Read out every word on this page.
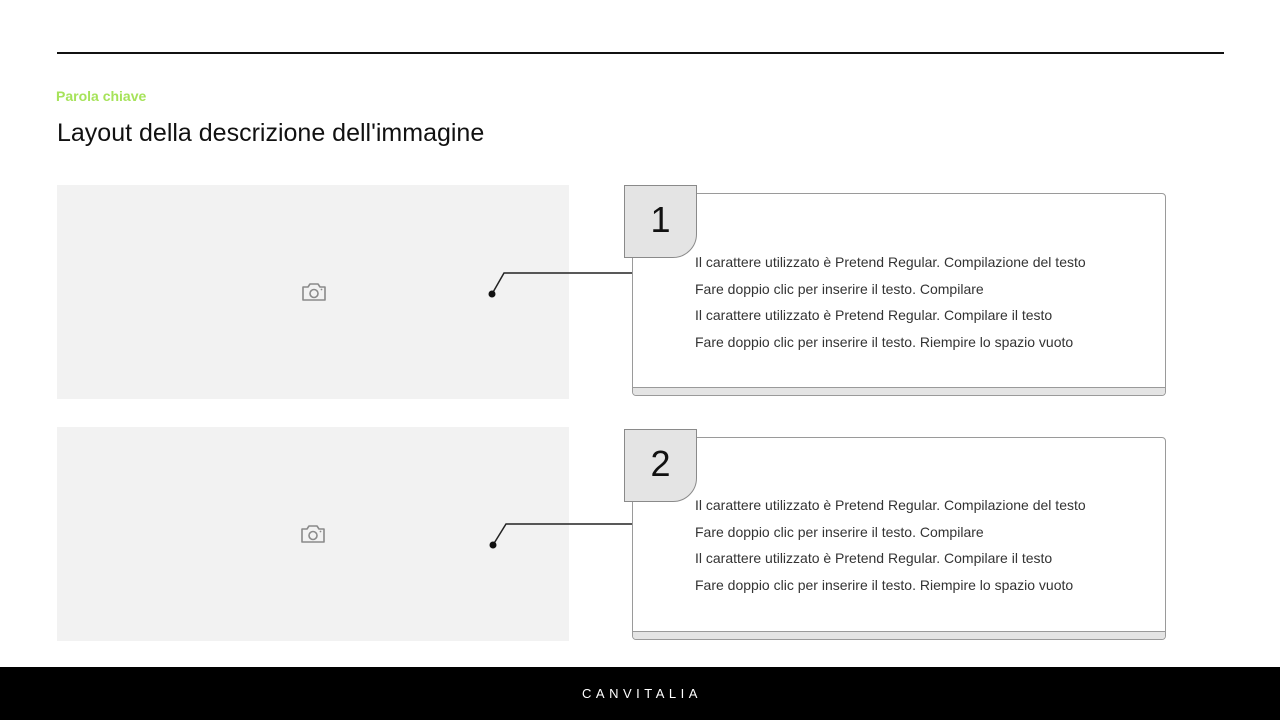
Parola chiave
Layout della descrizione dell'immagine
1
Il carattere utilizzato è Pretend Regular. Compilazione del testo
Fare doppio clic per inserire il testo. Compilare
Il carattere utilizzato è Pretend Regular. Compilare il testo
Fare doppio clic per inserire il testo. Riempire lo spazio vuoto
2
Il carattere utilizzato è Pretend Regular. Compilazione del testo
Fare doppio clic per inserire il testo. Compilare
Il carattere utilizzato è Pretend Regular. Compilare il testo
Fare doppio clic per inserire il testo. Riempire lo spazio vuoto
CANVITALIA
